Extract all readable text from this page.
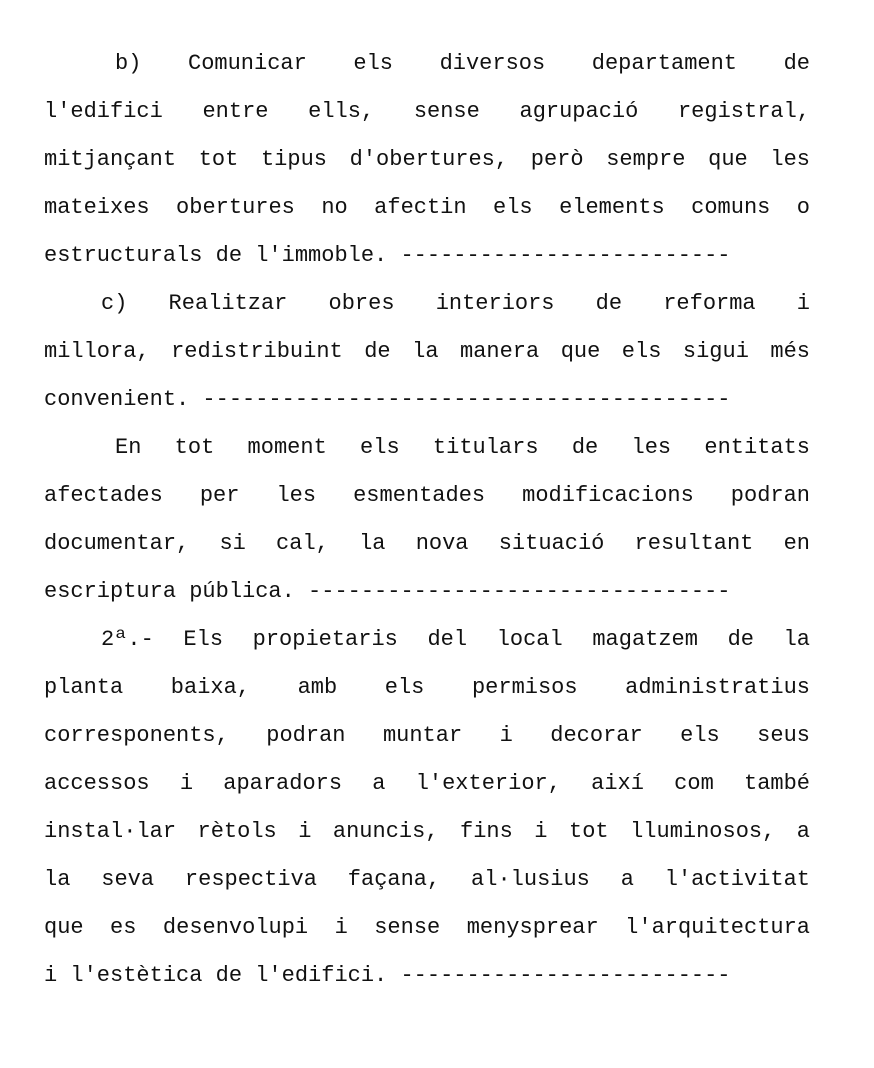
b) Comunicar els diversos departament de
l'edifici entre ells, sense agrupació registral,
mitjançant tot tipus d'obertures, però sempre que les
mateixes obertures no afectin els elements comuns o
estructurals de l'immoble. -------------------------
c) Realitzar obres interiors de reforma i
millora, redistribuint de la manera que els sigui més
convenient. ----------------------------------------
En tot moment els titulars de les entitats
afectades per les esmentades modificacions podran
documentar, si cal, la nova situació resultant en
escriptura pública. --------------------------------
2ª.- Els propietaris del local magatzem de la
planta baixa, amb els permisos administratius
corresponents, podran muntar i decorar els seus
accessos i aparadors a l'exterior, així com també
instal·lar rètols i anuncis, fins i tot lluminosos, a
la seva respectiva façana, al·lusius a l'activitat
que es desenvolupi i sense menysprear l'arquitectura
i l'estètica de l'edifici. -------------------------
